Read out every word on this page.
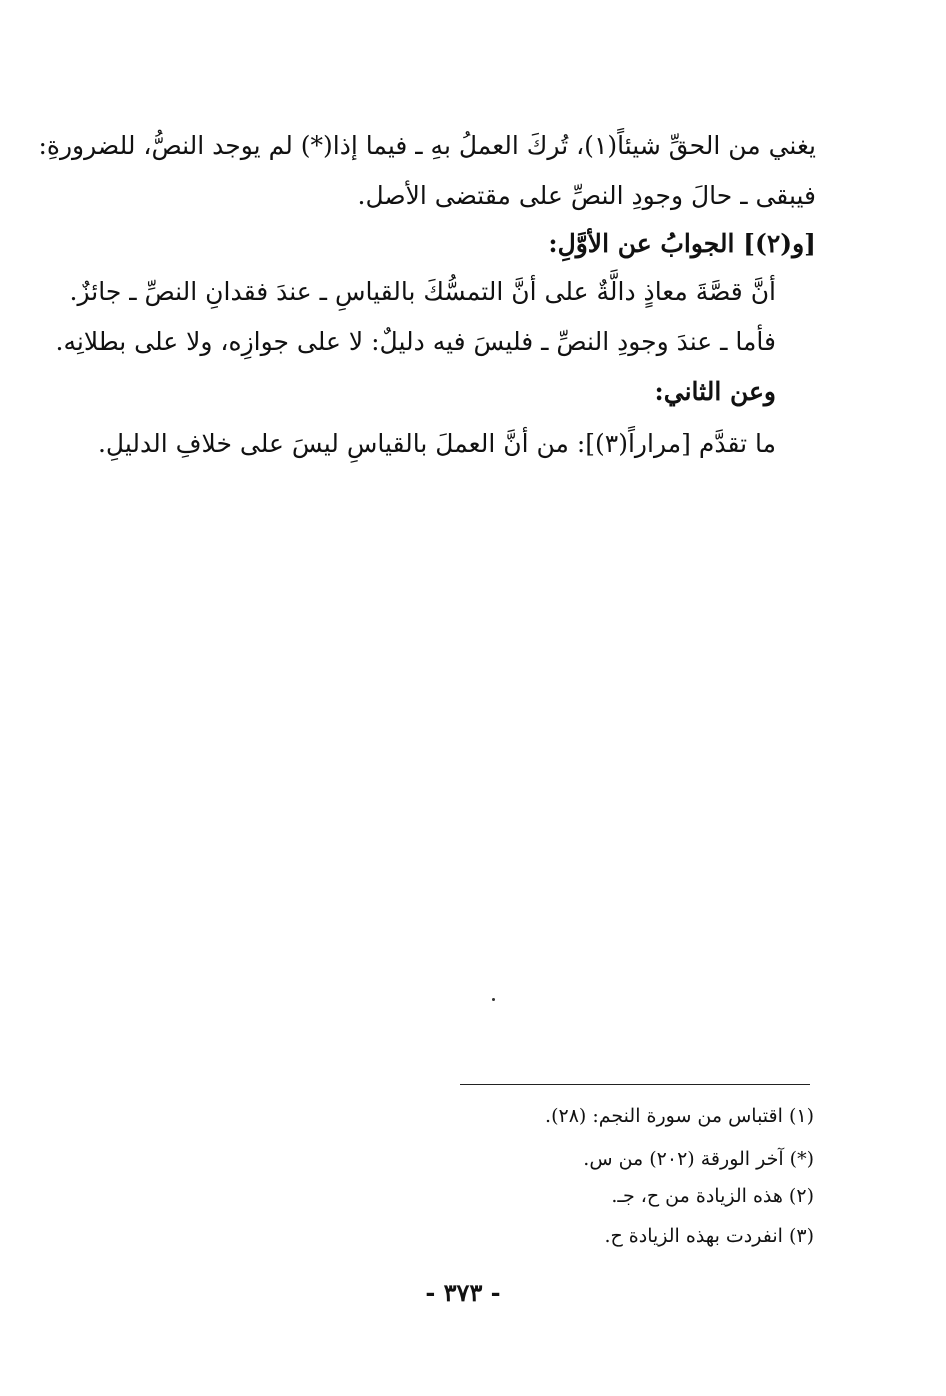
يغني من الحقِّ شيئاً(١)، تُركَ العملُ بهِ ـ فيما إذا(*) لم يوجد النصُّ، للضرورةِ:
فيبقى ـ حالَ وجودِ النصِّ على مقتضى الأصل.
[و(٢)] الجوابُ عن الأوَّلِ:
أنَّ قصَّةَ معاذٍ دالَّةٌ على أنَّ التمسُّكَ بالقياسِ ـ عندَ فقدانِ النصِّ ـ جائزٌ.
فأما ـ عندَ وجودِ النصِّ ـ فليسَ فيه دليلٌ: لا على جوازِه، ولا على بطلانِه.
وعن الثاني:
ما تقدَّم [مراراً(٣)]: من أنَّ العملَ بالقياسِ ليسَ على خلافِ الدليلِ.
(١) اقتباس من سورة النجم: (٢٨).
(*) آخر الورقة (٢٠٢) من س.
(٢) هذه الزيادة من ح، جـ.
(٣) انفردت بهذه الزيادة ح.
- ٣٧٣ -
